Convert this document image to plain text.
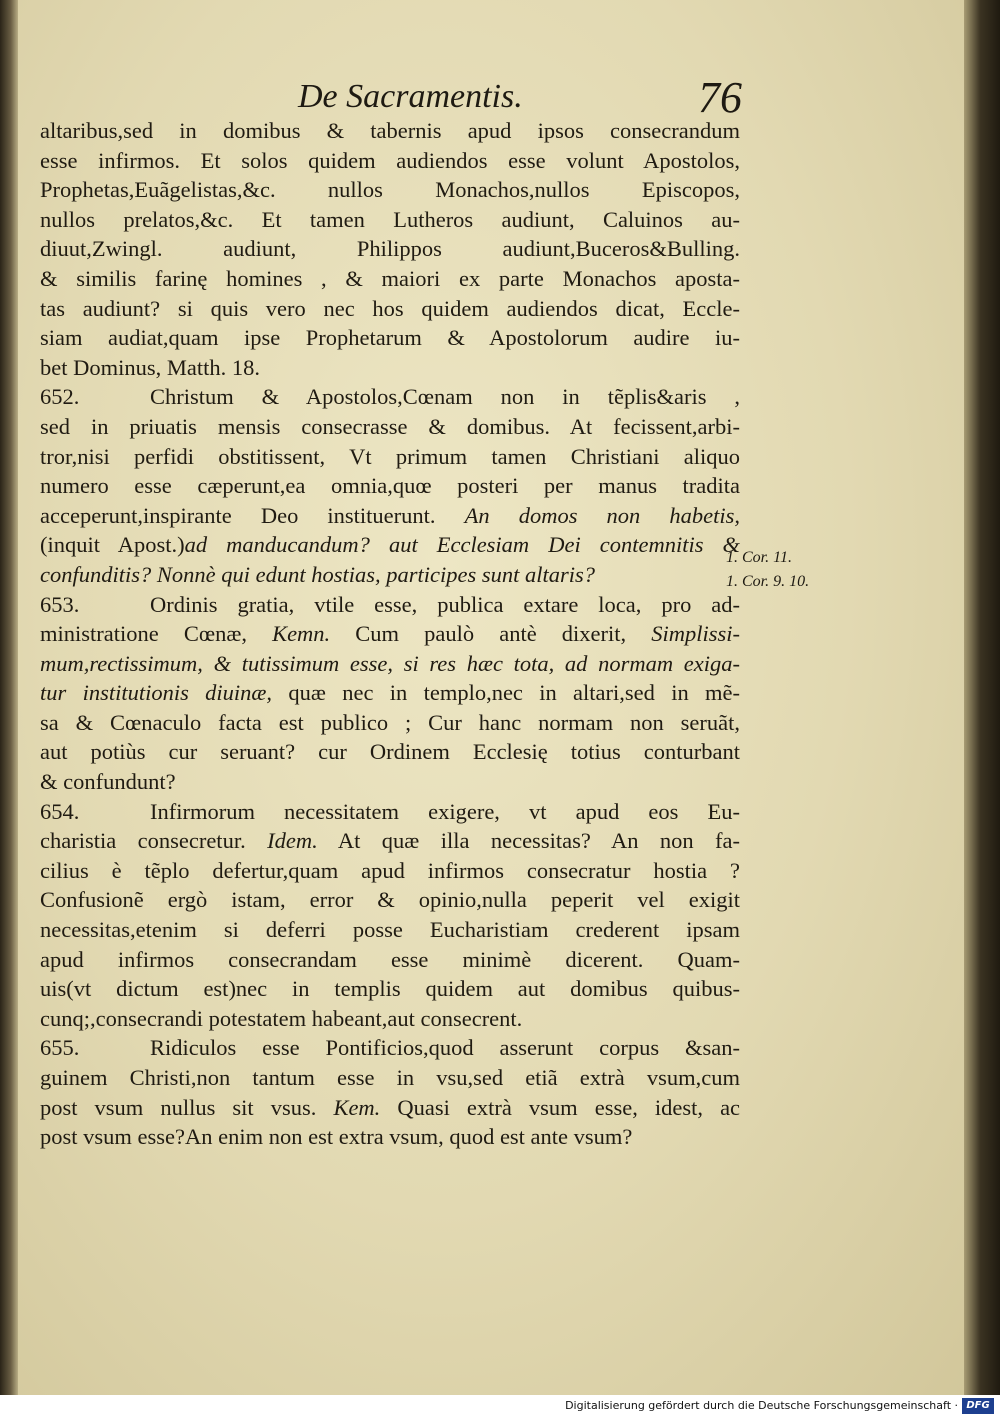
De Sacramentis.	76
altaribus,sed in domibus & tabernis apud ipsos consecrandum
esse infirmos. Et solos quidem audiendos esse volunt Apostolos,
Prophetas,Euãgelistas,&c. nullos Monachos,nullos Episcopos,
nullos prelatos,&c. Et tamen Lutheros audiunt, Caluinos au-
diuut,Zwingl. audiunt, Philippos audiunt,Buceros&Bulling.
& similis farinę homines , & maiori ex parte Monachos aposta-
tas audiunt? si quis vero nec hos quidem audiendos dicat, Eccle-
siam audiat,quam ipse Prophetarum & Apostolorum audire iu-
bet Dominus, Matth. 18.
652.	Christum & Apostolos,Cœnam non in tẽplis&aris ,
sed in priuatis mensis consecrasse & domibus. At fecissent,arbi-
tror,nisi perfidi obstitissent, Vt primum tamen Christiani aliquo
numero esse cæperunt,ea omnia,quœ posteri per manus tradita
acceperunt,inspirante Deo instituerunt. An domos non habetis,
(inquit Apost.)ad manducandum? aut Ecclesiam Dei contemnitis &
confunditis? Nonnè qui edunt hostias, participes sunt altaris?
653.	Ordinis gratia, vtile esse, publica extare loca, pro ad-
ministratione Cœnæ, Kemn. Cum paulò antè dixerit, Simplissi-
mum,rectissimum, & tutissimum esse, si res hæc tota, ad normam exiga-
tur institutionis diuinæ, quæ nec in templo,nec in altari,sed in mẽ-
sa & Cœnaculo facta est publico ; Cur hanc normam non seruãt,
aut potiùs cur seruant? cur Ordinem Ecclesię totius conturbant
& confundunt?
654.	Infirmorum necessitatem exigere, vt apud eos Eu-
charistia consecretur. Idem. At quæ illa necessitas? An non fa-
cilius è tẽplo defertur,quam apud infirmos consecratur hostia ?
Confusionẽ ergò istam, error & opinio,nulla peperit vel exigit
necessitas,etenim si deferri posse Eucharistiam crederent ipsam
apud infirmos consecrandam esse minimè dicerent. Quam-
uis(vt dictum est)nec in templis quidem aut domibus quibus-
cunq;,consecrandi potestatem habeant,aut consecrent.
655.	Ridiculos esse Pontificios,quod asserunt corpus &san-
guinem Christi,non tantum esse in vsu,sed etiã extrà vsum,cum
post vsum nullus sit vsus. Kem. Quasi extrà vsum esse, idest, ac
post vsum esse?An enim non est extra vsum, quod est ante vsum?
1. Cor. 11.
1. Cor. 9. 10.
Digitalisierung gefördert durch die Deutsche Forschungsgemeinschaft · DFG
